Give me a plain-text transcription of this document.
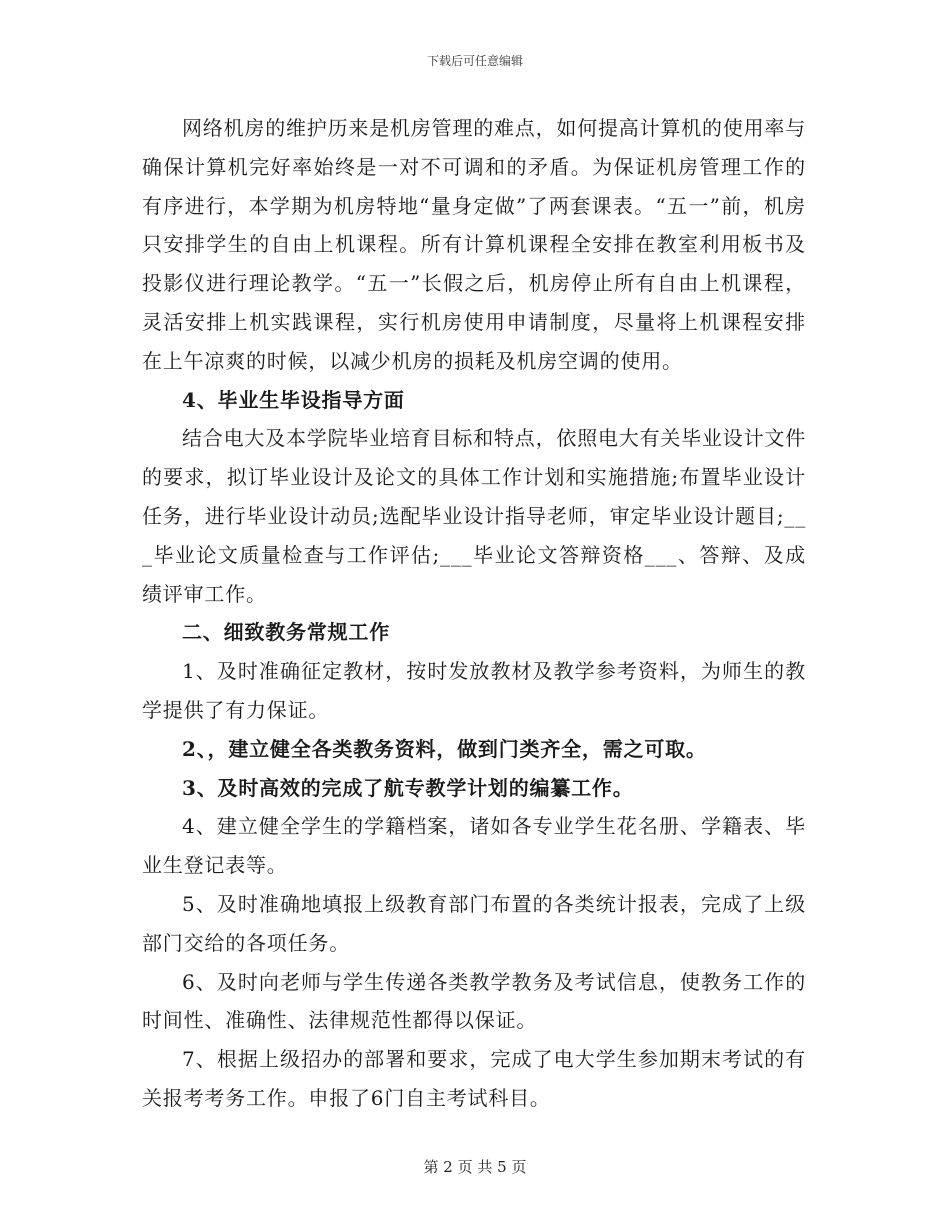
下载后可任意编辑

网络机房的维护历来是机房管理的难点，如何提高计算机的使用率与确保计算机完好率始终是一对不可调和的矛盾。为保证机房管理工作的有序进行，本学期为机房特地“量身定做”了两套课表。“五一”前，机房只安排学生的自由上机课程。所有计算机课程全安排在教室利用板书及投影仪进行理论教学。“五一”长假之后，机房停止所有自由上机课程，灵活安排上机实践课程，实行机房使用申请制度，尽量将上机课程安排在上午凉爽的时候，以减少机房的损耗及机房空调的使用。

4、毕业生毕设指导方面

结合电大及本学院毕业培育目标和特点，依照电大有关毕业设计文件的要求，拟订毕业设计及论文的具体工作计划和实施措施;布置毕业设计任务，进行毕业设计动员;选配毕业设计指导老师，审定毕业设计题目;___毕业论文质量检查与工作评估;___毕业论文答辩资格___、答辩、及成绩评审工作。

二、细致教务常规工作

1、及时准确征定教材，按时发放教材及教学参考资料，为师生的教学提供了有力保证。

2、，建立健全各类教务资料，做到门类齐全，需之可取。

3、及时高效的完成了航专教学计划的编纂工作。

4、建立健全学生的学籍档案，诸如各专业学生花名册、学籍表、毕业生登记表等。

5、及时准确地填报上级教育部门布置的各类统计报表，完成了上级部门交给的各项任务。

6、及时向老师与学生传递各类教学教务及考试信息，使教务工作的时间性、准确性、法律规范性都得以保证。

7、根据上级招办的部署和要求，完成了电大学生参加期末考试的有关报考考务工作。申报了6门自主考试科目。

第 2 页 共 5 页
